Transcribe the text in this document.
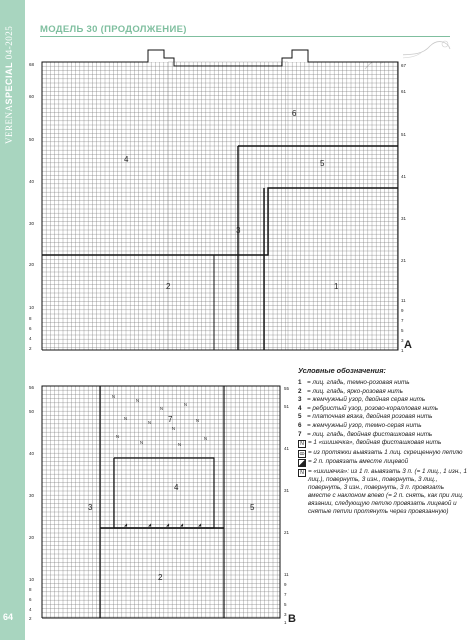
VERENASPECIAL 04-2025
64
МОДЕЛЬ 30 (ПРОДОЛЖЕНИЕ)
6
4	5
3
2	1
68
60
50
40
30
20
10
8
6
4
2
67
61
51
41
31
21
11
9
7
5
3
1 A
N
N
N
N
N
N
N
N
N
N	N
N
◢	◢	◢	◢	◢
7
4
3	5
2
56
50
40
30
20
10
8
6
4
2
55
51
41
31
21
11
9
7
5
3
1 B
Условные обозначения:
1 = лиц. гладь, темно-розовая нить
2 = лиц. гладь, ярко-розовая нить
3 = жемчужный узор, двойная серая нить
4 = ребристый узор, розово-коралловая нить
5 = платочная вязка, двойная розовая нить
6 = жемчужный узор, темно-серая нить
7 = лиц. гладь, двойная фисташковая нить
N = 1 «шишечка», двойная фисташковая нить
ꝏ = из протяжки вывязать 1 лиц. скрещенную петлю
= 2 п. провязать вместе лицевой
N = «шишечка»: из 1 п. вывязать 3 п. (= 1 лиц., 1 изн., 1 лиц.), повернуть, 3 изн., повернуть, 3 лиц., повернуть, 3 изн., повернуть, 3 п. провязать вместе с наклоном влево (= 2 п. снять, как при лиц. вязании, следующую петлю провязать лицевой и снятые петли протянуть через провязанную)
